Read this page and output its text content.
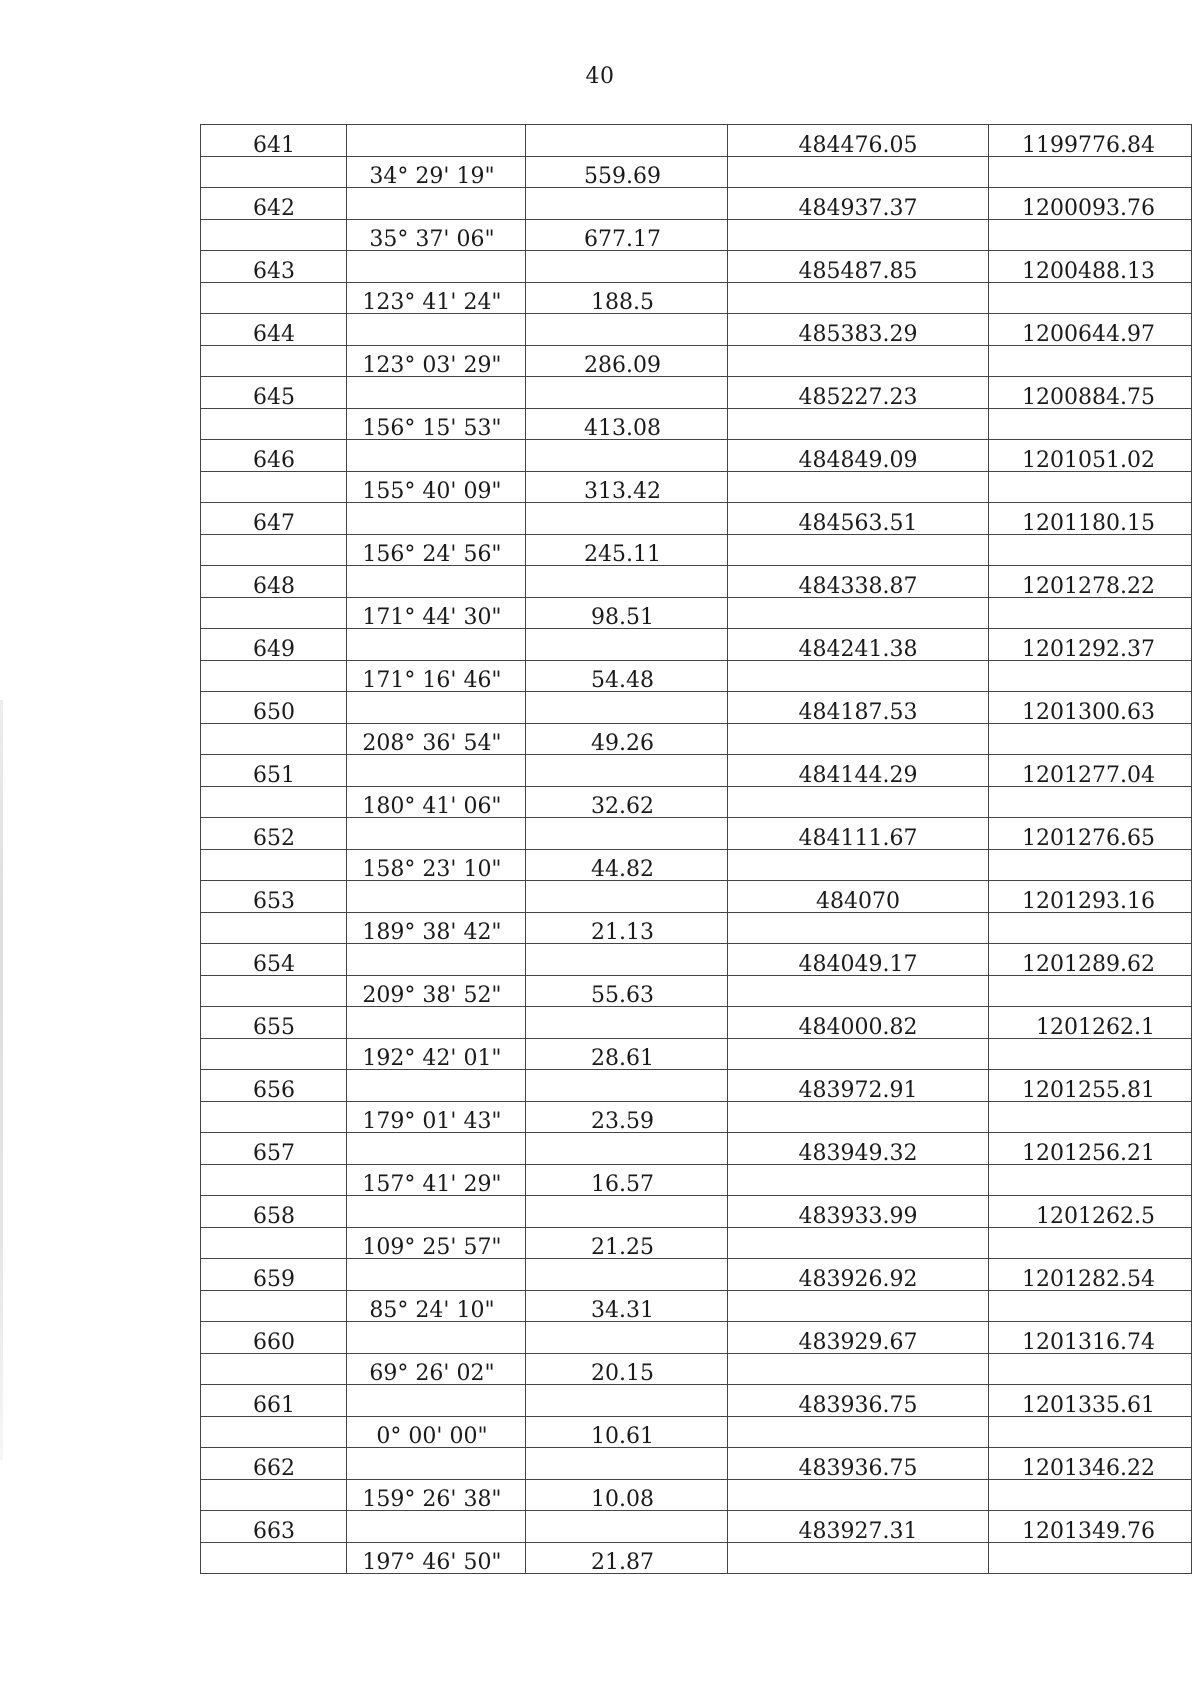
40
641			484476.05	1199776.84
	34° 29' 19"	559.69		
642			484937.37	1200093.76
	35° 37' 06"	677.17		
643			485487.85	1200488.13
	123° 41' 24"	188.5		
644			485383.29	1200644.97
	123° 03' 29"	286.09		
645			485227.23	1200884.75
	156° 15' 53"	413.08		
646			484849.09	1201051.02
	155° 40' 09"	313.42		
647			484563.51	1201180.15
	156° 24' 56"	245.11		
648			484338.87	1201278.22
	171° 44' 30"	98.51		
649			484241.38	1201292.37
	171° 16' 46"	54.48		
650			484187.53	1201300.63
	208° 36' 54"	49.26		
651			484144.29	1201277.04
	180° 41' 06"	32.62		
652			484111.67	1201276.65
	158° 23' 10"	44.82		
653			484070	1201293.16
	189° 38' 42"	21.13		
654			484049.17	1201289.62
	209° 38' 52"	55.63		
655			484000.82	1201262.1
	192° 42' 01"	28.61		
656			483972.91	1201255.81
	179° 01' 43"	23.59		
657			483949.32	1201256.21
	157° 41' 29"	16.57		
658			483933.99	1201262.5
	109° 25' 57"	21.25		
659			483926.92	1201282.54
	85° 24' 10"	34.31		
660			483929.67	1201316.74
	69° 26' 02"	20.15		
661			483936.75	1201335.61
	0° 00' 00"	10.61		
662			483936.75	1201346.22
	159° 26' 38"	10.08		
663			483927.31	1201349.76
	197° 46' 50"	21.87		
